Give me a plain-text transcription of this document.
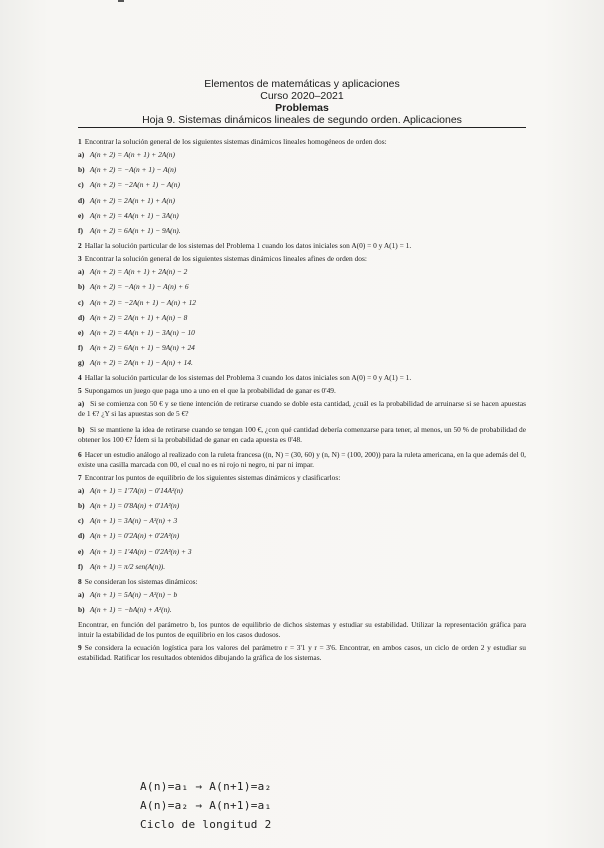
Elementos de matemáticas y aplicaciones
Curso 2020–2021
Problemas
Hoja 9. Sistemas dinámicos lineales de segundo orden. Aplicaciones
1 Encontrar la solución general de los siguientes sistemas dinámicos lineales homogéneos de orden dos:
a) A(n + 2) = A(n + 1) + 2A(n)
b) A(n + 2) = −A(n + 1) − A(n)
c) A(n + 2) = −2A(n + 1) − A(n)
d) A(n + 2) = 2A(n + 1) + A(n)
e) A(n + 2) = 4A(n + 1) − 3A(n)
f) A(n + 2) = 6A(n + 1) − 9A(n).
2 Hallar la solución particular de los sistemas del Problema 1 cuando los datos iniciales son A(0) = 0 y A(1) = 1.
3 Encontrar la solución general de los siguientes sistemas dinámicos lineales afines de orden dos:
a) A(n + 2) = A(n + 1) + 2A(n) − 2
b) A(n + 2) = −A(n + 1) − A(n) + 6
c) A(n + 2) = −2A(n + 1) − A(n) + 12
d) A(n + 2) = 2A(n + 1) + A(n) − 8
e) A(n + 2) = 4A(n + 1) − 3A(n) − 10
f) A(n + 2) = 6A(n + 1) − 9A(n) + 24
g) A(n + 2) = 2A(n + 1) − A(n) + 14.
4 Hallar la solución particular de los sistemas del Problema 3 cuando los datos iniciales son A(0) = 0 y A(1) = 1.
5 Supongamos un juego que paga uno a uno en el que la probabilidad de ganar es 0'49.
a) Si se comienza con 50 € y se tiene intención de retirarse cuando se doble esta cantidad, ¿cuál es la probabilidad de arruinarse si se hacen apuestas de 1 €? ¿Y si las apuestas son de 5 €?
b) Si se mantiene la idea de retirarse cuando se tengan 100 €, ¿con qué cantidad debería comenzarse para tener, al menos, un 50 % de probabilidad de obtener los 100 €? Ídem si la probabilidad de ganar en cada apuesta es 0'48.
6 Hacer un estudio análogo al realizado con la ruleta francesa ((n, N) = (30, 60) y (n, N) = (100, 200)) para la ruleta americana, en la que además del 0, existe una casilla marcada con 00, el cual no es ni rojo ni negro, ni par ni impar.
7 Encontrar los puntos de equilibrio de los siguientes sistemas dinámicos y clasificarlos:
a) A(n + 1) = 1'7A(n) − 0'14A²(n)
b) A(n + 1) = 0'8A(n) + 0'1A²(n)
c) A(n + 1) = 3A(n) − A²(n) + 3
d) A(n + 1) = 0'2A(n) + 0'2A²(n)
e) A(n + 1) = 1'4A(n) − 0'2A²(n) + 3
f) A(n + 1) = π/2 sen(A(n)).
8 Se consideran los sistemas dinámicos:
a) A(n + 1) = 5A(n) − A²(n) − b
b) A(n + 1) = −bA(n) + A²(n).
Encontrar, en función del parámetro b, los puntos de equilibrio de dichos sistemas y estudiar su estabilidad. Utilizar la representación gráfica para intuir la estabilidad de los puntos de equilibrio en los casos dudosos.
9 Se considera la ecuación logística para los valores del parámetro r = 3'1 y r = 3'6. Encontrar, en ambos casos, un ciclo de orden 2 y estudiar su estabilidad. Ratificar los resultados obtenidos dibujando la gráfica de los sistemas.
A(n)=a₁ → A(n+1)=a₂
A(n)=a₂ → A(n+1)=a₁
Ciclo de longitud 2
